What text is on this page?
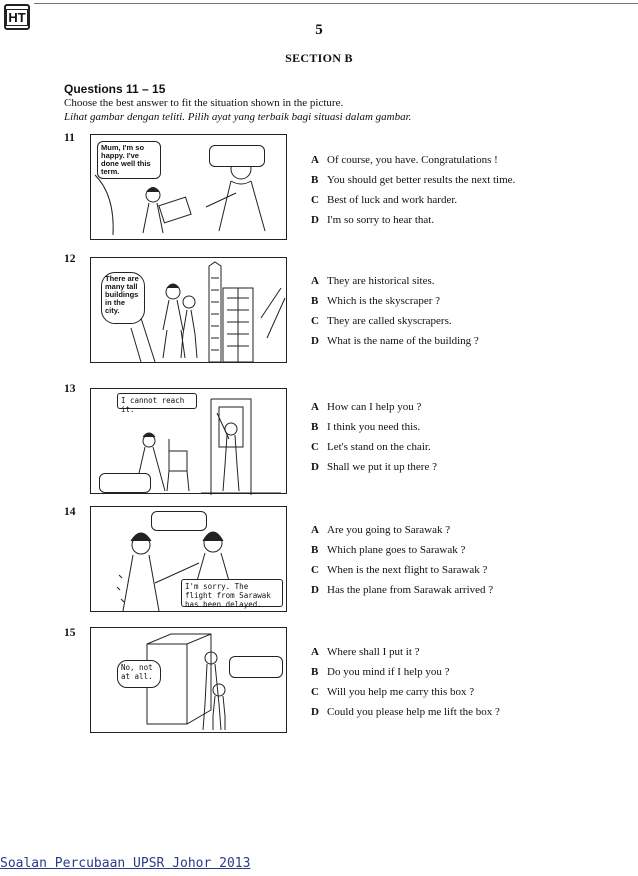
HT
5
SECTION B
Questions 11 – 15
Choose the best answer to fit the situation shown in the picture.
Lihat gambar dengan teliti. Pilih ayat yang terbaik bagi situasi dalam gambar.
11
Mum, I'm so happy. I've done well this term.
A Of course, you have. Congratulations !
B You should get better results the next time.
C Best of luck and work harder.
D I'm so sorry to hear that.
12
There are many tall buildings in the city.
A They are historical sites.
B Which is the skyscraper ?
C They are called skyscrapers.
D What is the name of the building ?
13
I cannot reach it.	A How can I help you ?
B I think you need this.
C Let's stand on the chair.
D Shall we put it up there ?
14
I'm sorry. The flight from Sarawak has been delayed.
A Are you going to Sarawak ?
B Which plane goes to Sarawak ?
C When is the next flight to Sarawak ?
D Has the plane from Sarawak arrived ?
15
No, not at all.
A Where shall I put it ?
B Do you mind if I help you ?
C Will you help me carry this box ?
D Could you please help me lift the box ?
Soalan Percubaan UPSR Johor 2013
